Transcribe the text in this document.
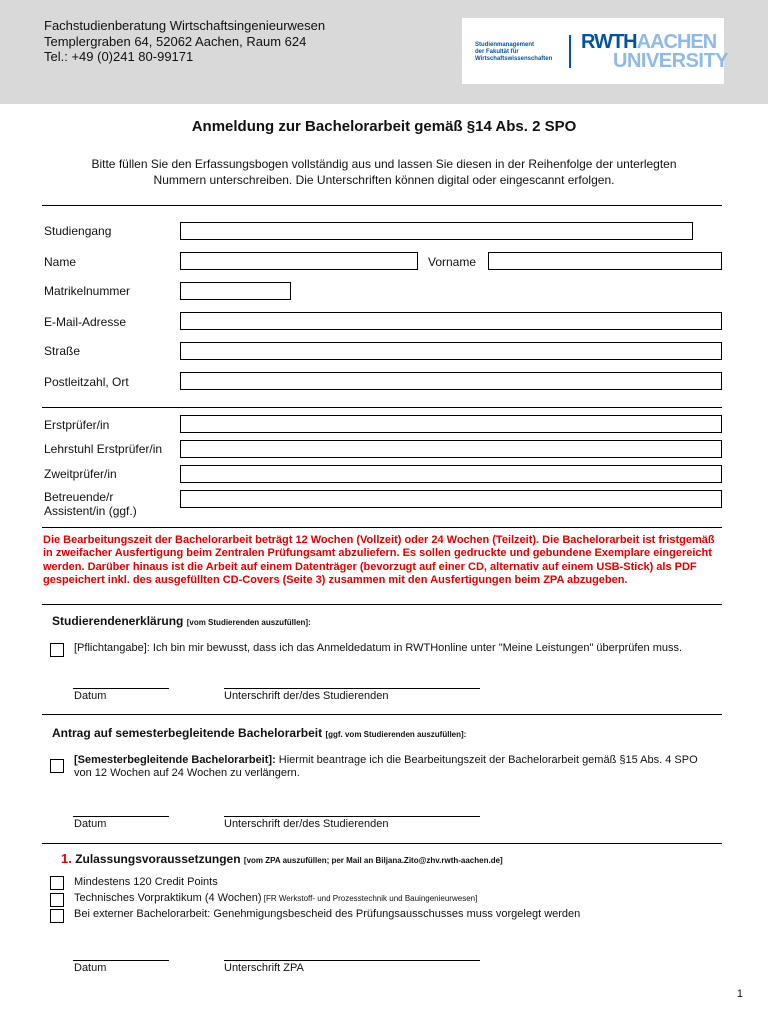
Fachstudienberatung Wirtschaftsingenieurwesen
Templergraben 64, 52062 Aachen, Raum 624
Tel.: +49 (0)241 80-99171
Studienmanagement
der Fakultät für
Wirtschaftswissenschaften
RWTHAACHEN
UNIVERSITY
Anmeldung zur Bachelorarbeit gemäß §14 Abs. 2 SPO
Bitte füllen Sie den Erfassungsbogen vollständig aus und lassen Sie diesen in der Reihenfolge der unterlegten Nummern unterschreiben. Die Unterschriften können digital oder eingescannt erfolgen.
Studiengang
Name	Vorname
Matrikelnummer
E-Mail-Adresse
Straße
Postleitzahl, Ort
Erstprüfer/in
Lehrstuhl Erstprüfer/in
Zweitprüfer/in
Betreuende/r
Assistent/in (ggf.)
Die Bearbeitungszeit der Bachelorarbeit beträgt 12 Wochen (Vollzeit) oder 24 Wochen (Teilzeit). Die Bachelorarbeit ist fristgemäß in zweifacher Ausfertigung beim Zentralen Prüfungsamt abzuliefern. Es sollen gedruckte und gebundene Exemplare eingereicht werden. Darüber hinaus ist die Arbeit auf einem Datenträger (bevorzugt auf einer CD, alternativ auf einem USB-Stick) als PDF gespeichert inkl. des ausgefüllten CD-Covers (Seite 3) zusammen mit den Ausfertigungen beim ZPA abzugeben.
Studierendenerklärung [vom Studierenden auszufüllen]:
[Pflichtangabe]: Ich bin mir bewusst, dass ich das Anmeldedatum in RWTHonline unter "Meine Leistungen" überprüfen muss.
Datum	Unterschrift der/des Studierenden
Antrag auf semesterbegleitende Bachelorarbeit [ggf. vom Studierenden auszufüllen]:
[Semesterbegleitende Bachelorarbeit]: Hiermit beantrage ich die Bearbeitungszeit der Bachelorarbeit gemäß §15 Abs. 4 SPO
von 12 Wochen auf 24 Wochen zu verlängern.
Datum	Unterschrift der/des Studierenden
1. Zulassungsvoraussetzungen [vom ZPA auszufüllen; per Mail an Biljana.Zito@zhv.rwth-aachen.de]
Mindestens 120 Credit Points
Technisches Vorpraktikum (4 Wochen) [FR Werkstoff- und Prozesstechnik und Bauingenieurwesen]
Bei externer Bachelorarbeit: Genehmigungsbescheid des Prüfungsausschusses muss vorgelegt werden
Datum	Unterschrift ZPA
1
